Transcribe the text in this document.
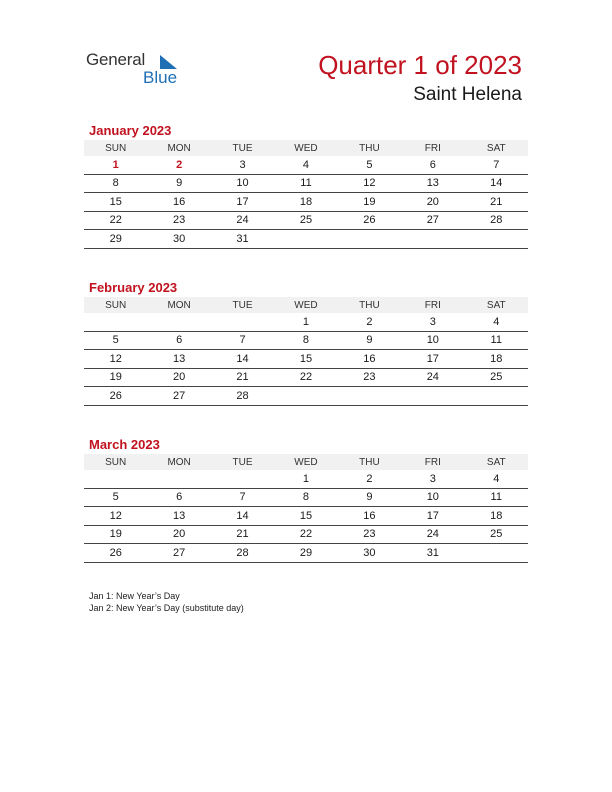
General
Blue	Quarter 1 of 2023
Saint Helena
January 2023
SUN	MON	TUE	WED	THU	FRI	SAT
1	2	3	4	5	6	7
8	9	10	11	12	13	14
15	16	17	18	19	20	21
22	23	24	25	26	27	28
29	30	31				
February 2023
SUN	MON	TUE	WED	THU	FRI	SAT
			1	2	3	4
5	6	7	8	9	10	11
12	13	14	15	16	17	18
19	20	21	22	23	24	25
26	27	28				
March 2023
SUN	MON	TUE	WED	THU	FRI	SAT
			1	2	3	4
5	6	7	8	9	10	11
12	13	14	15	16	17	18
19	20	21	22	23	24	25
26	27	28	29	30	31	
Jan 1: New Year’s Day
Jan 2: New Year’s Day (substitute day)
